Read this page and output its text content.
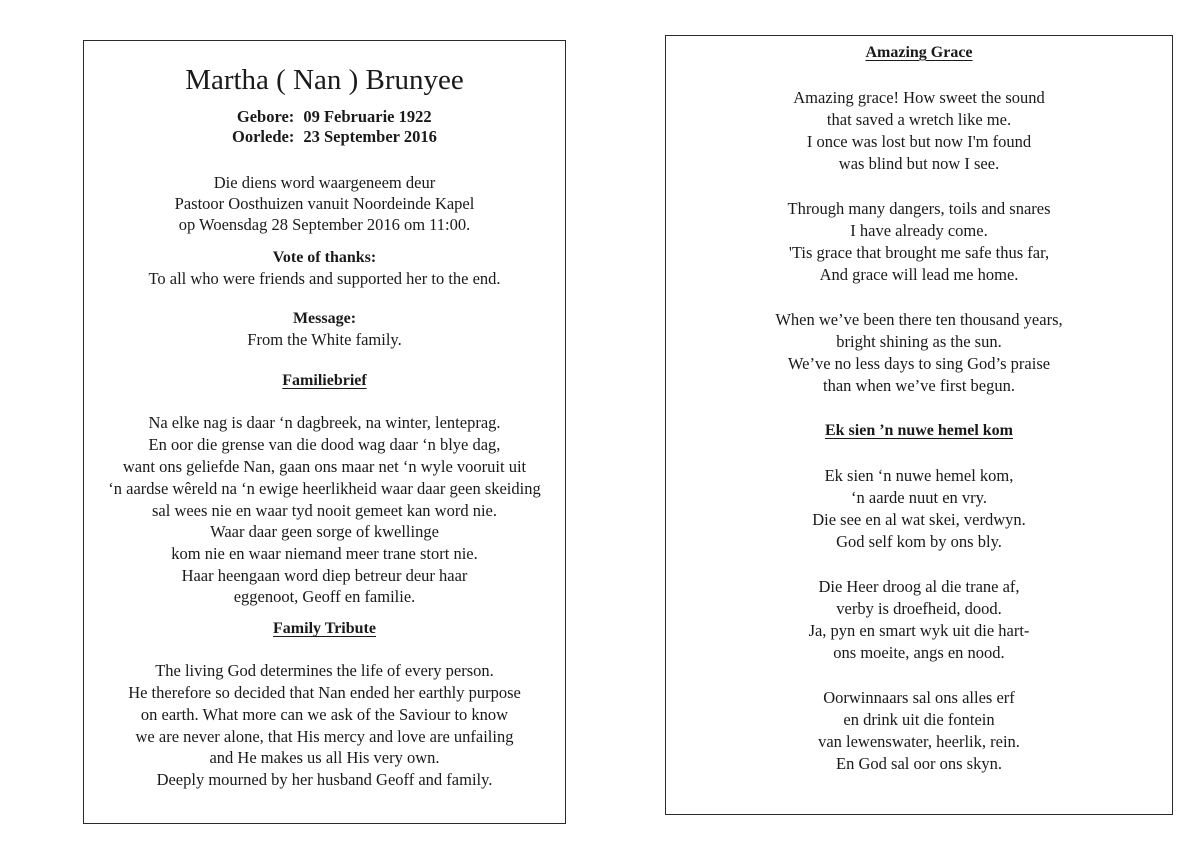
Martha ( Nan ) Brunyee
Gebore: 09 Februarie 1922
Oorlede: 23 September 2016
Die diens word waargeneem deur
Pastoor Oosthuizen vanuit Noordeinde Kapel
op Woensdag 28 September 2016 om 11:00.
Vote of thanks:
To all who were friends and supported her to the end.
Message:
From the White family.
Familiebrief
Na elke nag is daar ‘n dagbreek, na winter, lenteprag.
En oor die grense van die dood wag daar ‘n blye dag,
want ons geliefde Nan, gaan ons maar net ‘n wyle vooruit uit
‘n aardse wêreld na ‘n ewige heerlikheid waar daar geen skeiding
sal wees nie en waar tyd nooit gemeet kan word nie.
Waar daar geen sorge of kwellinge
kom nie en waar niemand meer trane stort nie.
Haar heengaan word diep betreur deur haar
eggenoot, Geoff en familie.
Family Tribute
The living God determines the life of every person.
He therefore so decided that Nan ended her earthly purpose
on earth. What more can we ask of the Saviour to know
we are never alone, that His mercy and love are unfailing
and He makes us all His very own.
Deeply mourned by her husband Geoff and family.
Amazing Grace
Amazing grace! How sweet the sound
that saved a wretch like me.
I once was lost but now I'm found
was blind but now I see.
Through many dangers, toils and snares
I have already come.
'Tis grace that brought me safe thus far,
And grace will lead me home.
When we’ve been there ten thousand years,
bright shining as the sun.
We’ve no less days to sing God’s praise
than when we’ve first begun.
Ek sien ’n nuwe hemel kom
Ek sien ‘n nuwe hemel kom,
‘n aarde nuut en vry.
Die see en al wat skei, verdwyn.
God self kom by ons bly.
Die Heer droog al die trane af,
verby is droefheid, dood.
Ja, pyn en smart wyk uit die hart-
ons moeite, angs en nood.
Oorwinnaars sal ons alles erf
en drink uit die fontein
van lewenswater, heerlik, rein.
En God sal oor ons skyn.
